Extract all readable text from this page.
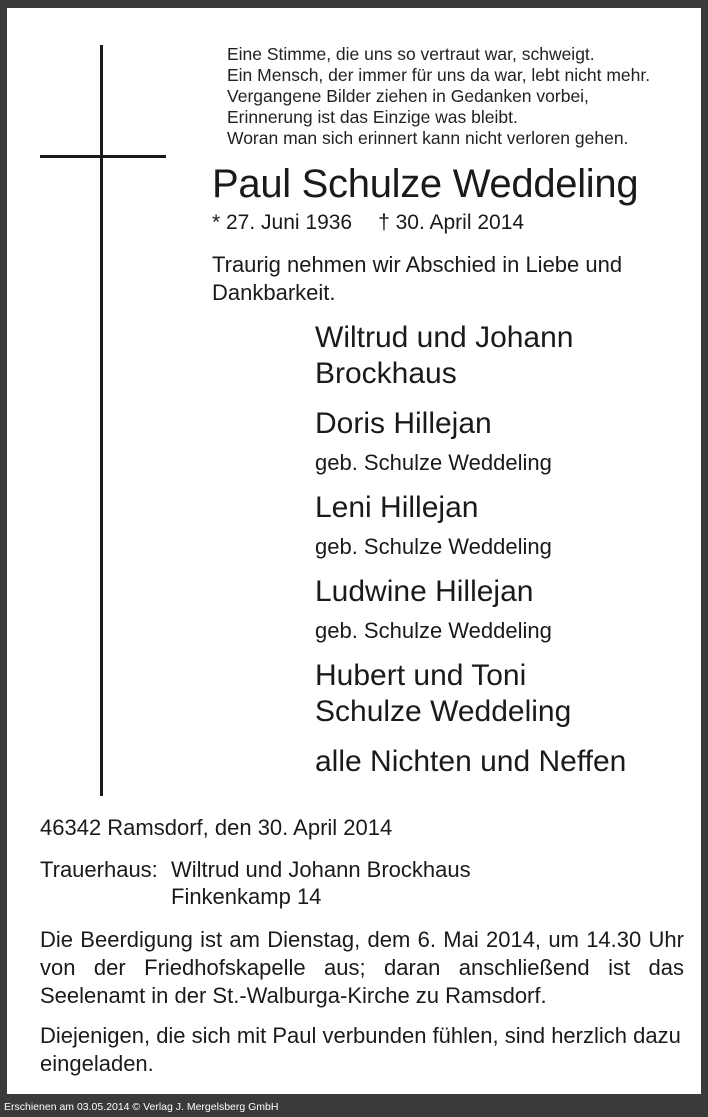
Eine Stimme, die uns so vertraut war, schweigt.
Ein Mensch, der immer für uns da war, lebt nicht mehr.
Vergangene Bilder ziehen in Gedanken vorbei,
Erinnerung ist das Einzige was bleibt.
Woran man sich erinnert kann nicht verloren gehen.
Paul Schulze Weddeling
* 27. Juni 1936 † 30. April 2014
Traurig nehmen wir Abschied in Liebe und Dankbarkeit.
Wiltrud und Johann
Brockhaus
Doris Hillejan
geb. Schulze Weddeling
Leni Hillejan
geb. Schulze Weddeling
Ludwine Hillejan
geb. Schulze Weddeling
Hubert und Toni
Schulze Weddeling
alle Nichten und Neffen
46342 Ramsdorf, den 30. April 2014
Trauerhaus: Wiltrud und Johann Brockhaus
Finkenkamp 14
Die Beerdigung ist am Dienstag, dem 6. Mai 2014, um 14.30 Uhr von der Friedhofskapelle aus; daran anschließend ist das Seelenamt in der St.-Walburga-Kirche zu Ramsdorf.
Diejenigen, die sich mit Paul verbunden fühlen, sind herzlich dazu eingeladen.
Erschienen am 03.05.2014 © Verlag J. Mergelsberg GmbH
